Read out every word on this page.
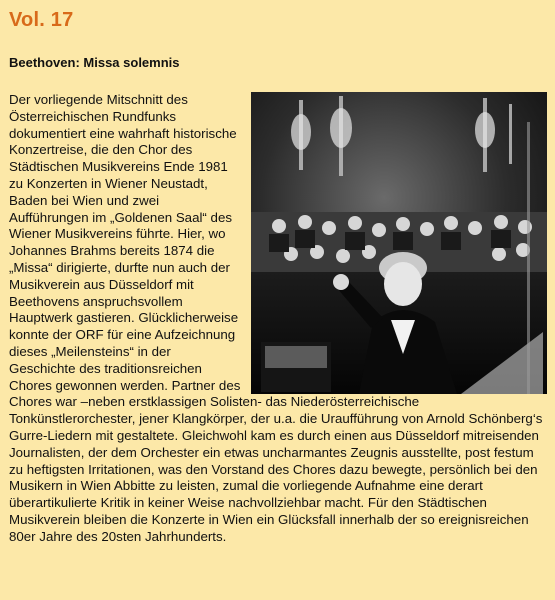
Vol. 17
Beethoven: Missa solemnis
Der vorliegende Mitschnitt des Österreichischen Rundfunks dokumentiert eine wahrhaft historische Konzertreise, die den Chor des Städtischen Musikvereins Ende 1981 zu Konzerten in Wiener Neustadt, Baden bei Wien und zwei Aufführungen im „Goldenen Saal“ des Wiener Musikvereins führte. Hier, wo Johannes Brahms bereits 1874 die „Missa“ dirigierte, durfte nun auch der Musikverein aus Düsseldorf mit Beethovens anspruchsvollem Hauptwerk gastieren. Glücklicherweise konnte der ORF für eine Aufzeichnung dieses „Meilensteins“ in der Geschichte des traditionsreichen Chores gewonnen werden. Partner des Chores war –neben erstklassigen Solisten- das Niederösterreichische Tonkünstlerorchester, jener Klangkörper, der u.a. die Uraufführung von Arnold Schönberg‘s Gurre-Liedern mit gestaltete. Gleichwohl kam es durch einen aus Düsseldorf mitreisenden Journalisten, der dem Orchester ein etwas uncharmantes Zeugnis ausstellte, post festum zu heftigsten Irritationen, was den Vorstand des Chores dazu bewegte, persönlich bei den Musikern in Wien Abbitte zu leisten, zumal die vorliegende Aufnahme eine derart überartikulierte Kritik in keiner Weise nachvollziehbar macht. Für den Städtischen Musikverein bleiben die Konzerte in Wien ein Glücksfall innerhalb der so ereignisreichen 80er Jahre des 20sten Jahrhunderts.
